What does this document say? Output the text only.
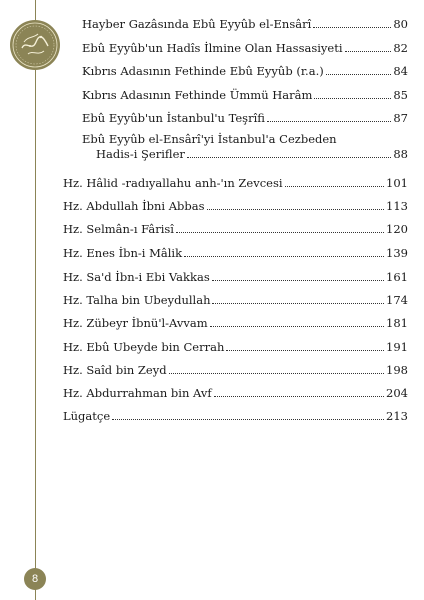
Hayber Gazâsında Ebû Eyyûb el-Ensârî	80
Ebû Eyyûb'un Hadîs İlmine Olan Hassasiyeti	82
Kıbrıs Adasının Fethinde Ebû Eyyûb (r.a.)	84
Kıbrıs Adasının Fethinde Ümmü Harâm	85
Ebû Eyyûb'un İstanbul'u Teşrîfi	87
Ebû Eyyûb el-Ensârî'yi İstanbul'a Cezbeden
Hadis-i Şerifler	88
Hz. Hâlid -radıyallahu anh-'ın Zevcesi	101
Hz. Abdullah İbni Abbas	113
Hz. Selmân-ı Fârisî	120
Hz. Enes İbn-i Mâlik	139
Hz. Sa'd İbn-i Ebi Vakkas	161
Hz. Talha bin Ubeydullah	174
Hz. Zübeyr İbnü'l-Avvam	181
Hz. Ebû Ubeyde bin Cerrah	191
Hz. Saîd bin Zeyd	198
Hz. Abdurrahman bin Avf	204
Lügatçe	213
8
